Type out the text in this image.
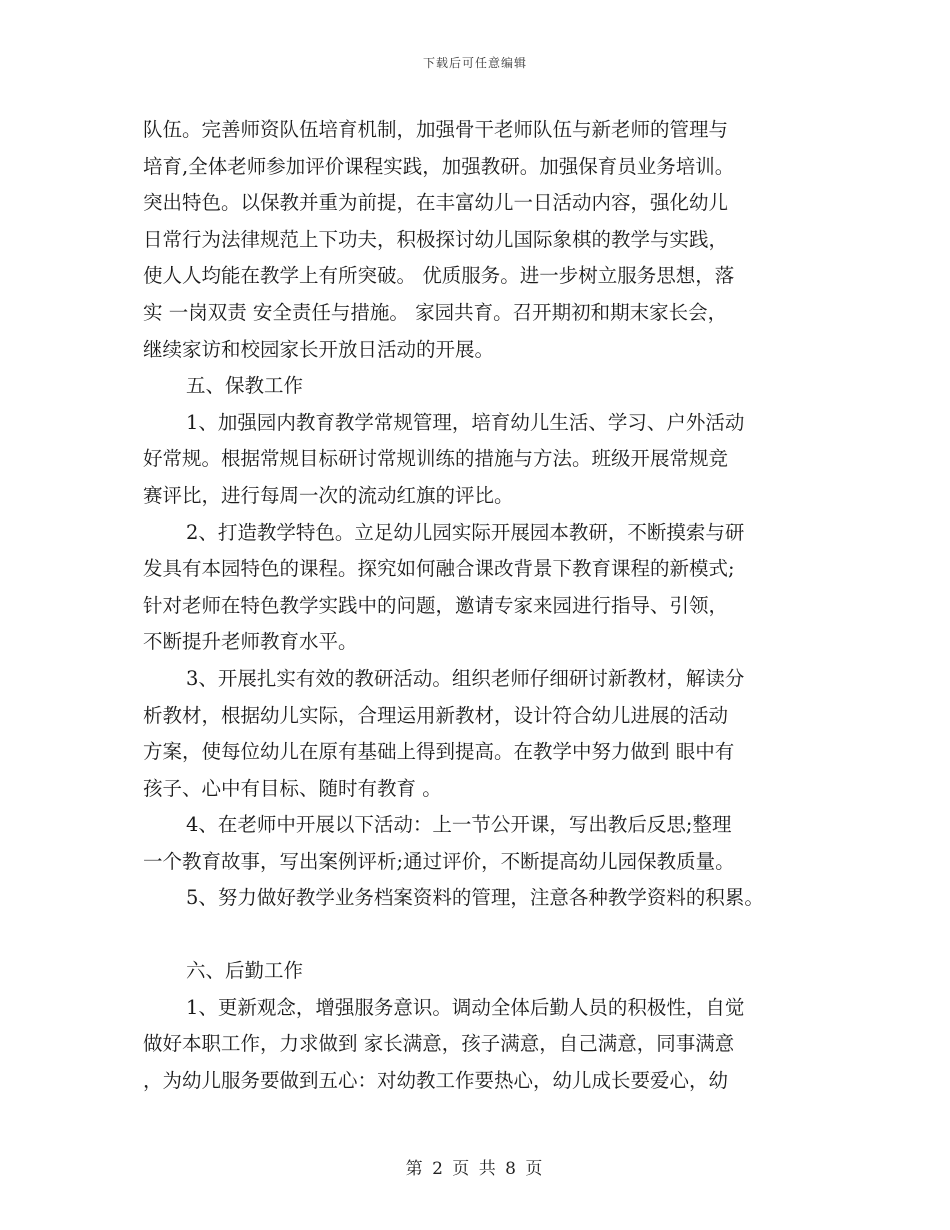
下载后可任意编辑
队伍。完善师资队伍培育机制，加强骨干老师队伍与新老师的管理与
培育,全体老师参加评价课程实践，加强教研。加强保育员业务培训。
突出特色。以保教并重为前提，在丰富幼儿一日活动内容，强化幼儿
日常行为法律规范上下功夫，积极探讨幼儿国际象棋的教学与实践，
使人人均能在教学上有所突破。 优质服务。进一步树立服务思想，落
实 一岗双责 安全责任与措施。 家园共育。召开期初和期末家长会，
继续家访和校园家长开放日活动的开展。
五、保教工作
1、加强园内教育教学常规管理，培育幼儿生活、学习、户外活动
好常规。根据常规目标研讨常规训练的措施与方法。班级开展常规竞
赛评比，进行每周一次的流动红旗的评比。
2、打造教学特色。立足幼儿园实际开展园本教研，不断摸索与研
发具有本园特色的课程。探究如何融合课改背景下教育课程的新模式;
针对老师在特色教学实践中的问题，邀请专家来园进行指导、引领，
不断提升老师教育水平。
3、开展扎实有效的教研活动。组织老师仔细研讨新教材，解读分
析教材，根据幼儿实际，合理运用新教材，设计符合幼儿进展的活动
方案，使每位幼儿在原有基础上得到提高。在教学中努力做到 眼中有
孩子、心中有目标、随时有教育 。
4、在老师中开展以下活动：上一节公开课，写出教后反思;整理
一个教育故事，写出案例评析;通过评价，不断提高幼儿园保教质量。
5、努力做好教学业务档案资料的管理，注意各种教学资料的积累。
六、后勤工作
1、更新观念，增强服务意识。调动全体后勤人员的积极性，自觉
做好本职工作，力求做到 家长满意，孩子满意，自己满意，同事满意
，为幼儿服务要做到五心：对幼教工作要热心，幼儿成长要爱心，幼
第 2 页 共 8 页
